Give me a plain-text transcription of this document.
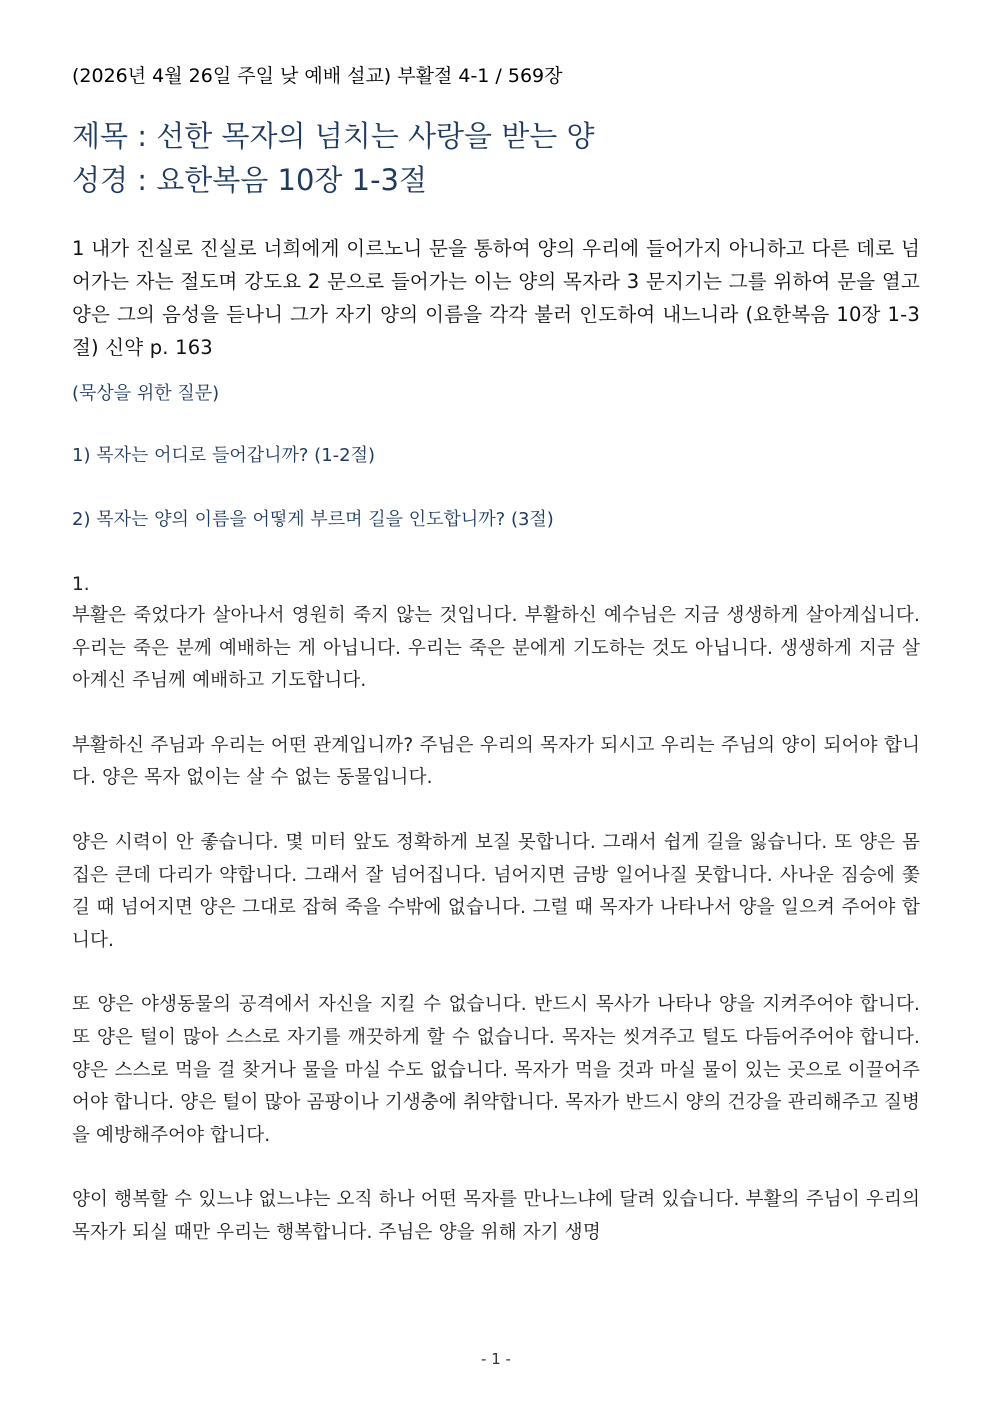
(2026년 4월 26일 주일 낮 예배 설교) 부활절 4-1 / 569장
제목 : 선한 목자의 넘치는 사랑을 받는 양
성경 : 요한복음 10장 1-3절

1 내가 진실로 진실로 너희에게 이르노니 문을 통하여 양의 우리에 들어가지 아니하고 다른 데로 넘어가는 자는 절도며 강도요 2 문으로 들어가는 이는 양의 목자라 3 문지기는 그를 위하여 문을 열고 양은 그의 음성을 듣나니 그가 자기 양의 이름을 각각 불러 인도하여 내느니라 (요한복음 10장 1-3절) 신약 p. 163

(묵상을 위한 질문)
1) 목자는 어디로 들어갑니까? (1-2절)
2) 목자는 양의 이름을 어떻게 부르며 길을 인도합니까? (3절)
1.

부활은 죽었다가 살아나서 영원히 죽지 않는 것입니다. 부활하신 예수님은 지금 생생하게 살아계십니다. 우리는 죽은 분께 예배하는 게 아닙니다. 우리는 죽은 분에게 기도하는 것도 아닙니다. 생생하게 지금 살아계신 주님께 예배하고 기도합니다.

부활하신 주님과 우리는 어떤 관계입니까? 주님은 우리의 목자가 되시고 우리는 주님의 양이 되어야 합니다. 양은 목자 없이는 살 수 없는 동물입니다.

양은 시력이 안 좋습니다. 몇 미터 앞도 정확하게 보질 못합니다. 그래서 쉽게 길을 잃습니다. 또 양은 몸집은 큰데 다리가 약합니다. 그래서 잘 넘어집니다. 넘어지면 금방 일어나질 못합니다. 사나운 짐승에 쫓길 때 넘어지면 양은 그대로 잡혀 죽을 수밖에 없습니다. 그럴 때 목자가 나타나서 양을 일으켜 주어야 합니다.

또 양은 야생동물의 공격에서 자신을 지킬 수 없습니다. 반드시 목사가 나타나 양을 지켜주어야 합니다. 또 양은 털이 많아 스스로 자기를 깨끗하게 할 수 없습니다. 목자는 씻겨주고 털도 다듬어주어야 합니다. 양은 스스로 먹을 걸 찾거나 물을 마실 수도 없습니다. 목자가 먹을 것과 마실 물이 있는 곳으로 이끌어주어야 합니다. 양은 털이 많아 곰팡이나 기생충에 취약합니다. 목자가 반드시 양의 건강을 관리해주고 질병을 예방해주어야 합니다.

양이 행복할 수 있느냐 없느냐는 오직 하나 어떤 목자를 만나느냐에 달려 있습니다. 부활의 주님이 우리의 목자가 되실 때만 우리는 행복합니다. 주님은 양을 위해 자기 생명

- 1 -
